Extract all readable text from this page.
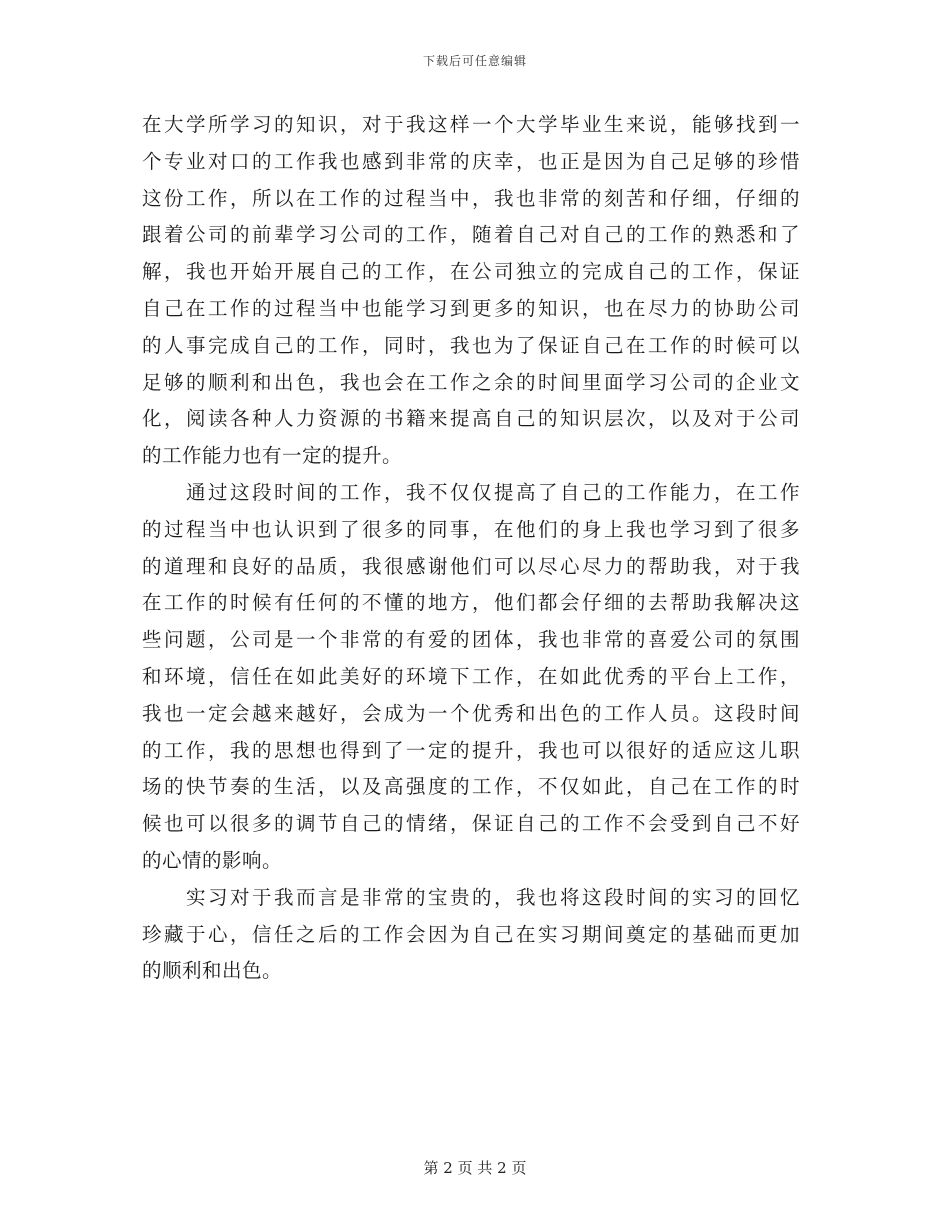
下载后可任意编辑
在大学所学习的知识，对于我这样一个大学毕业生来说，能够找到一
个专业对口的工作我也感到非常的庆幸，也正是因为自己足够的珍惜
这份工作，所以在工作的过程当中，我也非常的刻苦和仔细，仔细的
跟着公司的前辈学习公司的工作，随着自己对自己的工作的熟悉和了
解，我也开始开展自己的工作，在公司独立的完成自己的工作，保证
自己在工作的过程当中也能学习到更多的知识，也在尽力的协助公司
的人事完成自己的工作，同时，我也为了保证自己在工作的时候可以
足够的顺利和出色，我也会在工作之余的时间里面学习公司的企业文
化，阅读各种人力资源的书籍来提高自己的知识层次，以及对于公司
的工作能力也有一定的提升。
通过这段时间的工作，我不仅仅提高了自己的工作能力，在工作
的过程当中也认识到了很多的同事，在他们的身上我也学习到了很多
的道理和良好的品质，我很感谢他们可以尽心尽力的帮助我，对于我
在工作的时候有任何的不懂的地方，他们都会仔细的去帮助我解决这
些问题，公司是一个非常的有爱的团体，我也非常的喜爱公司的氛围
和环境，信任在如此美好的环境下工作，在如此优秀的平台上工作，
我也一定会越来越好，会成为一个优秀和出色的工作人员。这段时间
的工作，我的思想也得到了一定的提升，我也可以很好的适应这儿职
场的快节奏的生活，以及高强度的工作，不仅如此，自己在工作的时
候也可以很多的调节自己的情绪，保证自己的工作不会受到自己不好
的心情的影响。
实习对于我而言是非常的宝贵的，我也将这段时间的实习的回忆
珍藏于心，信任之后的工作会因为自己在实习期间奠定的基础而更加
的顺利和出色。
第 2 页 共 2 页
